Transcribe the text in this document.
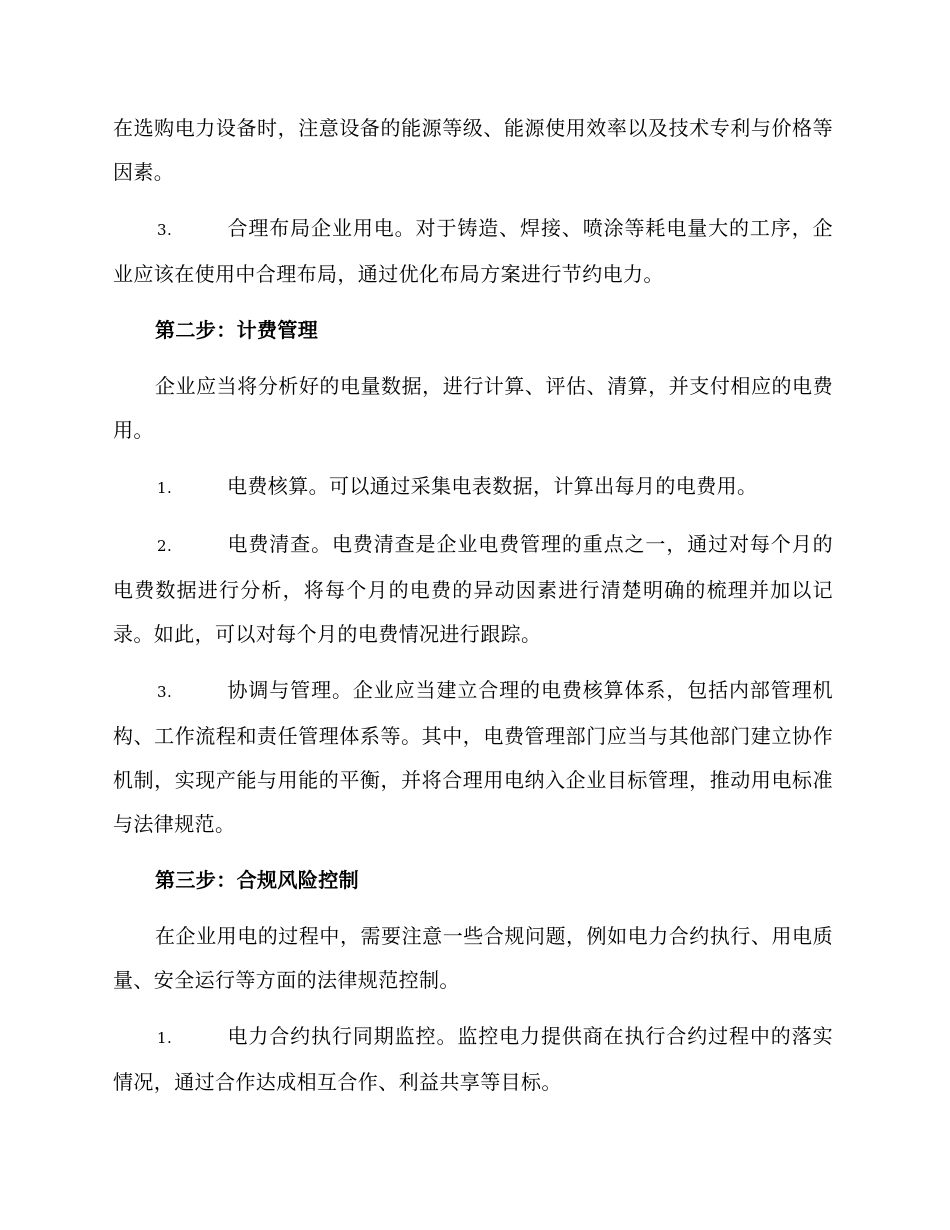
在选购电力设备时，注意设备的能源等级、能源使用效率以及技术专利与价格等因素。

3.	合理布局企业用电。对于铸造、焊接、喷涂等耗电量大的工序，企业应该在使用中合理布局，通过优化布局方案进行节约电力。

第二步：计费管理

企业应当将分析好的电量数据，进行计算、评估、清算，并支付相应的电费用。

1.	电费核算。可以通过采集电表数据，计算出每月的电费用。

2.	电费清查。电费清查是企业电费管理的重点之一，通过对每个月的电费数据进行分析，将每个月的电费的异动因素进行清楚明确的梳理并加以记录。如此，可以对每个月的电费情况进行跟踪。

3.	协调与管理。企业应当建立合理的电费核算体系，包括内部管理机构、工作流程和责任管理体系等。其中，电费管理部门应当与其他部门建立协作机制，实现产能与用能的平衡，并将合理用电纳入企业目标管理，推动用电标准与法律规范。

第三步：合规风险控制

在企业用电的过程中，需要注意一些合规问题，例如电力合约执行、用电质量、安全运行等方面的法律规范控制。

1.	电力合约执行同期监控。监控电力提供商在执行合约过程中的落实情况，通过合作达成相互合作、利益共享等目标。
